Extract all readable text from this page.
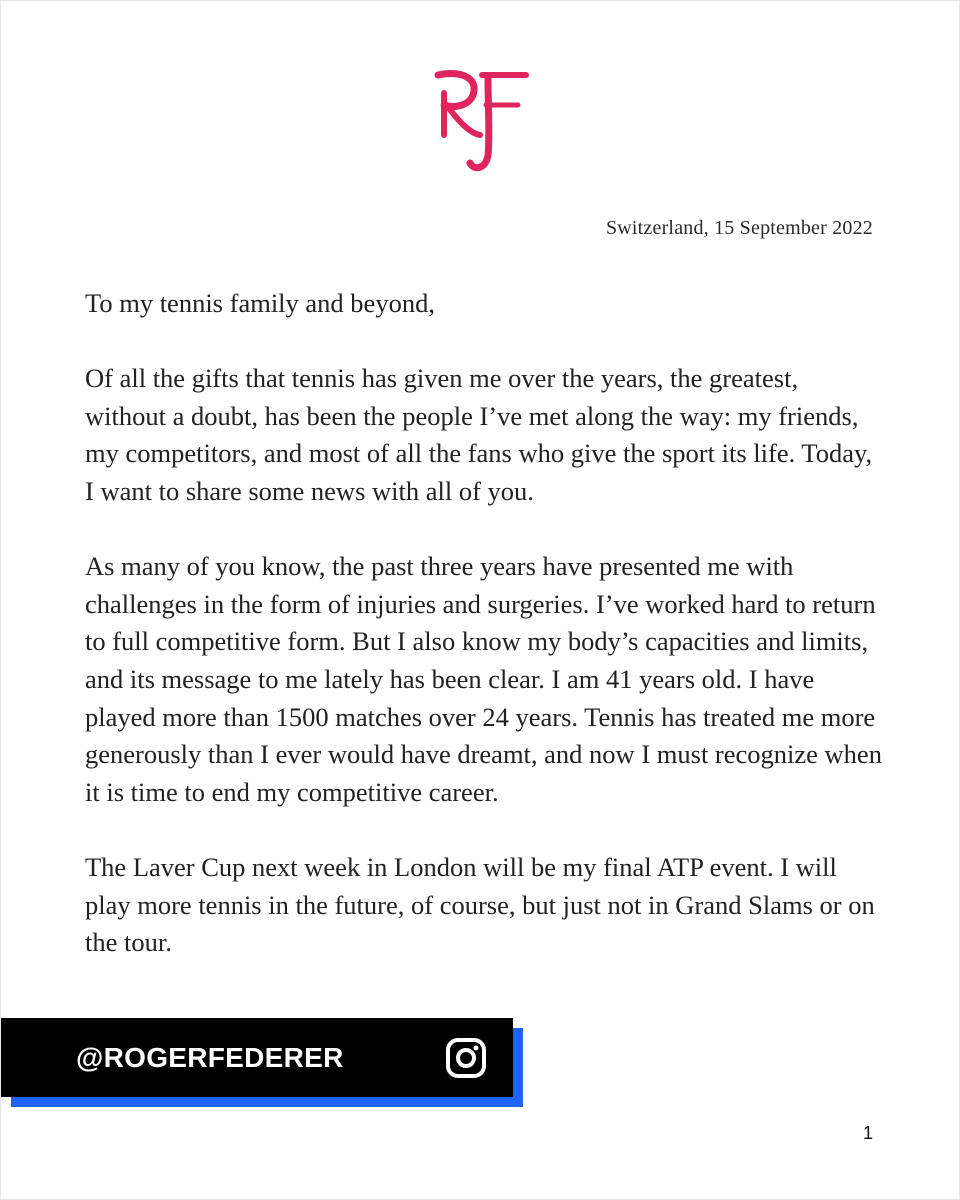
Switzerland, 15 September 2022

To my tennis family and beyond,

Of all the gifts that tennis has given me over the years, the greatest, without a doubt, has been the people I’ve met along the way: my friends, my competitors, and most of all the fans who give the sport its life. Today, I want to share some news with all of you.

As many of you know, the past three years have presented me with challenges in the form of injuries and surgeries. I’ve worked hard to return to full competitive form. But I also know my body’s capacities and limits, and its message to me lately has been clear. I am 41 years old. I have played more than 1500 matches over 24 years. Tennis has treated me more generously than I ever would have dreamt, and now I must recognize when it is time to end my competitive career.

The Laver Cup next week in London will be my final ATP event. I will play more tennis in the future, of course, but just not in Grand Slams or on the tour.

@ROGERFEDERER
1
